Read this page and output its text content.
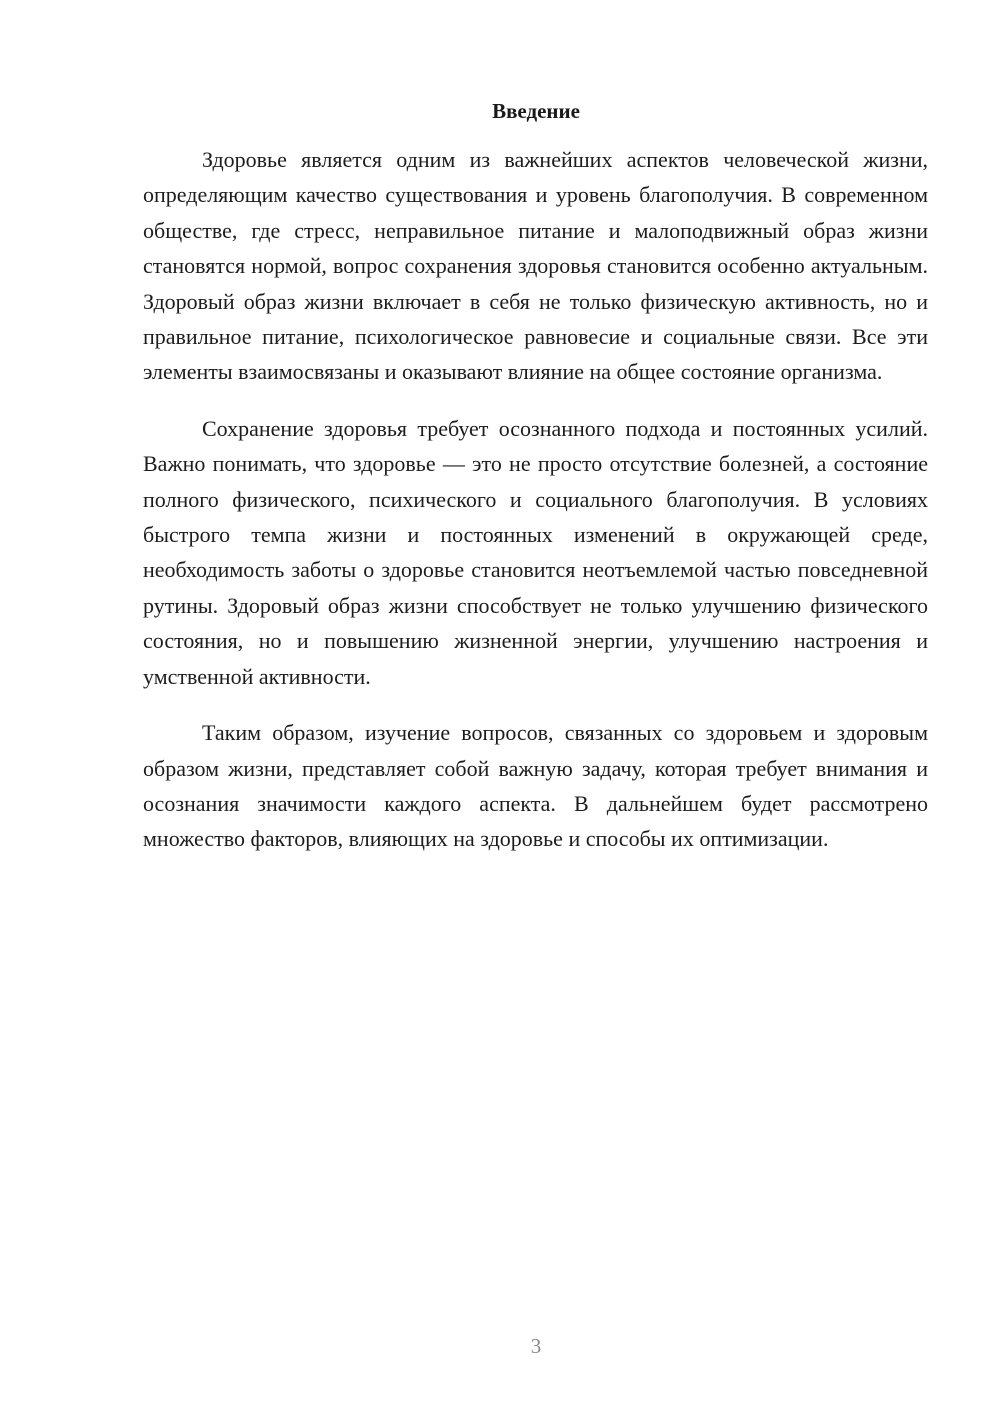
Введение

Здоровье является одним из важнейших аспектов человеческой жизни, определяющим качество существования и уровень благополучия. В современном обществе, где стресс, неправильное питание и малоподвижный образ жизни становятся нормой, вопрос сохранения здоровья становится особенно актуальным. Здоровый образ жизни включает в себя не только физическую активность, но и правильное питание, психологическое равновесие и социальные связи. Все эти элементы взаимосвязаны и оказывают влияние на общее состояние организма.

Сохранение здоровья требует осознанного подхода и постоянных усилий. Важно понимать, что здоровье — это не просто отсутствие болезней, а состояние полного физического, психического и социального благополучия. В условиях быстрого темпа жизни и постоянных изменений в окружающей среде, необходимость заботы о здоровье становится неотъемлемой частью повседневной рутины. Здоровый образ жизни способствует не только улучшению физического состояния, но и повышению жизненной энергии, улучшению настроения и умственной активности.

Таким образом, изучение вопросов, связанных со здоровьем и здоровым образом жизни, представляет собой важную задачу, которая требует внимания и осознания значимости каждого аспекта. В дальнейшем будет рассмотрено множество факторов, влияющих на здоровье и способы их оптимизации.

3
